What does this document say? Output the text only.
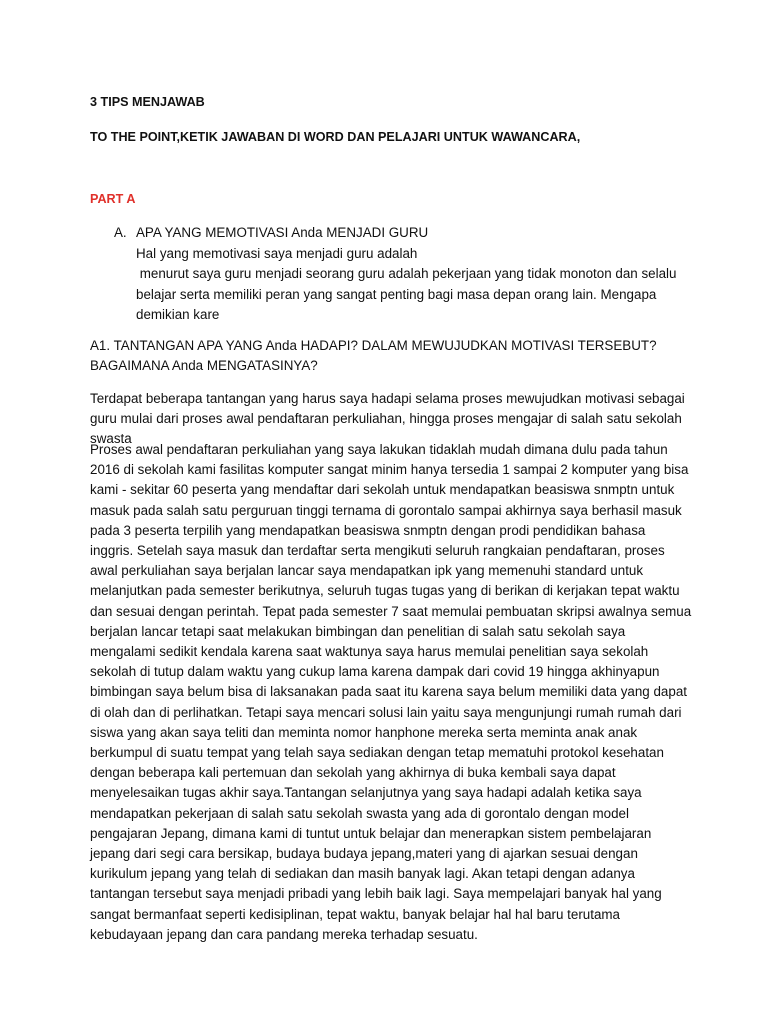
3 TIPS MENJAWAB

TO THE POINT,KETIK JAWABAN DI WORD DAN PELAJARI UNTUK WAWANCARA,

PART A

A. APA YANG MEMOTIVASI Anda MENJADI GURU
Hal yang memotivasi saya menjadi guru adalah
menurut saya guru menjadi seorang guru adalah pekerjaan yang tidak monoton dan selalu
belajar serta memiliki peran yang sangat penting bagi masa depan orang lain. Mengapa
demikian kare

A1. TANTANGAN APA YANG Anda HADAPI? DALAM MEWUJUDKAN MOTIVASI TERSEBUT? BAGAIMANA Anda MENGATASINYA?

Terdapat beberapa tantangan yang harus saya hadapi selama proses mewujudkan motivasi sebagai guru mulai dari proses awal pendaftaran perkuliahan, hingga proses mengajar di salah satu sekolah swasta

Proses awal pendaftaran perkuliahan yang saya lakukan tidaklah mudah dimana dulu pada tahun 2016 di sekolah kami fasilitas komputer sangat minim hanya tersedia 1 sampai 2 komputer yang bisa kami - sekitar 60 peserta yang mendaftar dari sekolah untuk mendapatkan beasiswa snmptn untuk masuk pada salah satu perguruan tinggi ternama di gorontalo sampai akhirnya saya berhasil masuk pada 3 peserta terpilih yang mendapatkan beasiswa snmptn dengan prodi pendidikan bahasa inggris. Setelah saya masuk dan terdaftar serta mengikuti seluruh rangkaian pendaftaran, proses awal perkuliahan saya berjalan lancar saya mendapatkan ipk yang memenuhi standard untuk melanjutkan pada semester berikutnya, seluruh tugas tugas yang di berikan di kerjakan tepat waktu dan sesuai dengan perintah. Tepat pada semester 7 saat memulai pembuatan skripsi awalnya semua berjalan lancar tetapi saat melakukan bimbingan dan penelitian di salah satu sekolah saya mengalami sedikit kendala karena saat waktunya saya harus memulai penelitian saya sekolah sekolah di tutup dalam waktu yang cukup lama karena dampak dari covid 19 hingga akhinyapun bimbingan saya belum bisa di laksanakan pada saat itu karena saya belum memiliki data yang dapat di olah dan di perlihatkan. Tetapi saya mencari solusi lain yaitu saya mengunjungi rumah rumah dari siswa yang akan saya teliti dan meminta nomor hanphone mereka serta meminta anak anak berkumpul di suatu tempat yang telah saya sediakan dengan tetap mematuhi protokol kesehatan dengan beberapa kali pertemuan dan sekolah yang akhirnya di buka kembali saya dapat menyelesaikan tugas akhir saya.Tantangan selanjutnya yang saya hadapi adalah ketika saya mendapatkan pekerjaan di salah satu sekolah swasta yang ada di gorontalo dengan model pengajaran Jepang, dimana kami di tuntut untuk belajar dan menerapkan sistem pembelajaran jepang dari segi cara bersikap, budaya budaya jepang,materi yang di ajarkan sesuai dengan kurikulum jepang yang telah di sediakan dan masih banyak lagi. Akan tetapi dengan adanya tantangan tersebut saya menjadi pribadi yang lebih baik lagi. Saya mempelajari banyak hal yang sangat bermanfaat seperti kedisiplinan, tepat waktu, banyak belajar hal hal baru terutama kebudayaan jepang dan cara pandang mereka terhadap sesuatu.
